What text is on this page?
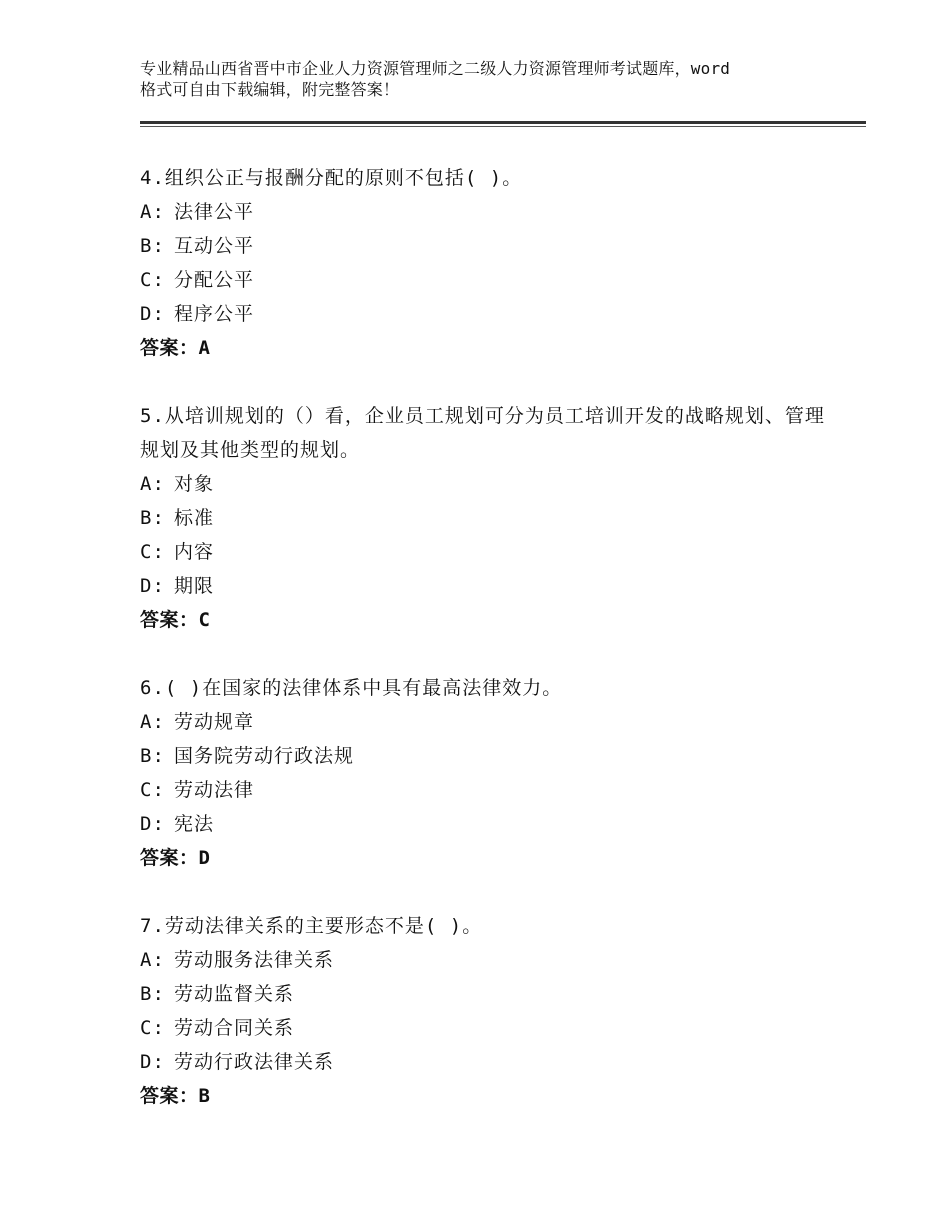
专业精品山西省晋中市企业人力资源管理师之二级人力资源管理师考试题库，word
格式可自由下载编辑，附完整答案！
4.组织公正与报酬分配的原则不包括( )。
A: 法律公平
B: 互动公平
C: 分配公平
D: 程序公平
答案：A
5.从培训规划的（）看，企业员工规划可分为员工培训开发的战略规划、管理规划及其他类型的规划。
A: 对象
B: 标准
C: 内容
D: 期限
答案：C
6.( )在国家的法律体系中具有最高法律效力。
A: 劳动规章
B: 国务院劳动行政法规
C: 劳动法律
D: 宪法
答案：D
7.劳动法律关系的主要形态不是( )。
A: 劳动服务法律关系
B: 劳动监督关系
C: 劳动合同关系
D: 劳动行政法律关系
答案：B
